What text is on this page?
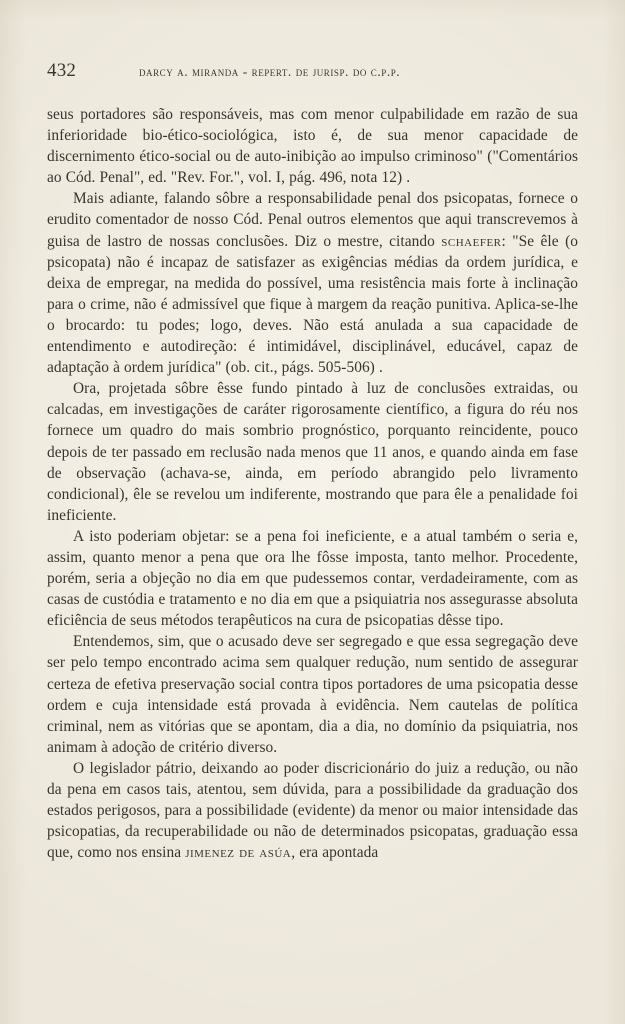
432	darcy a. miranda - repert. de jurisp. do c.p.p.

seus portadores são responsáveis, mas com menor culpabilidade em razão de sua inferioridade bio-ético-sociológica, isto é, de sua menor capacidade de discernimento ético-social ou de auto-inibição ao impulso criminoso" ("Comentários ao Cód. Penal", ed. "Rev. For.", vol. I, pág. 496, nota 12) .

Mais adiante, falando sôbre a responsabilidade penal dos psicopatas, fornece o erudito comentador de nosso Cód. Penal outros elementos que aqui transcrevemos à guisa de lastro de nossas conclusões. Diz o mestre, citando schaefer: "Se êle (o psicopata) não é incapaz de satisfazer as exigências médias da ordem jurídica, e deixa de empregar, na medida do possível, uma resistência mais forte à inclinação para o crime, não é admissível que fique à margem da reação punitiva. Aplica-se-lhe o brocardo: tu podes; logo, deves. Não está anulada a sua capacidade de entendimento e autodireção: é intimidável, disciplinável, educável, capaz de adaptação à ordem jurídica" (ob. cit., págs. 505-506) .

Ora, projetada sôbre êsse fundo pintado à luz de conclusões extraidas, ou calcadas, em investigações de caráter rigorosamente científico, a figura do réu nos fornece um quadro do mais sombrio prognóstico, porquanto reincidente, pouco depois de ter passado em reclusão nada menos que 11 anos, e quando ainda em fase de observação (achava-se, ainda, em período abrangido pelo livramento condicional), êle se revelou um indiferente, mostrando que para êle a penalidade foi ineficiente.

A isto poderiam objetar: se a pena foi ineficiente, e a atual também o seria e, assim, quanto menor a pena que ora lhe fôsse imposta, tanto melhor. Procedente, porém, seria a objeção no dia em que pudessemos contar, verdadeiramente, com as casas de custódia e tratamento e no dia em que a psiquiatria nos assegurasse absoluta eficiência de seus métodos terapêuticos na cura de psicopatias dêsse tipo.

Entendemos, sim, que o acusado deve ser segregado e que essa segregação deve ser pelo tempo encontrado acima sem qualquer redução, num sentido de assegurar certeza de efetiva preservação social contra tipos portadores de uma psicopatia desse ordem e cuja intensidade está provada à evidência. Nem cautelas de política criminal, nem as vitórias que se apontam, dia a dia, no domínio da psiquiatria, nos animam à adoção de critério diverso.

O legislador pátrio, deixando ao poder discricionário do juiz a redução, ou não da pena em casos tais, atentou, sem dúvida, para a possibilidade da graduação dos estados perigosos, para a possibilidade (evidente) da menor ou maior intensidade das psicopatias, da recuperabilidade ou não de determinados psicopatas, graduação essa que, como nos ensina jimenez de asúa, era apontada
